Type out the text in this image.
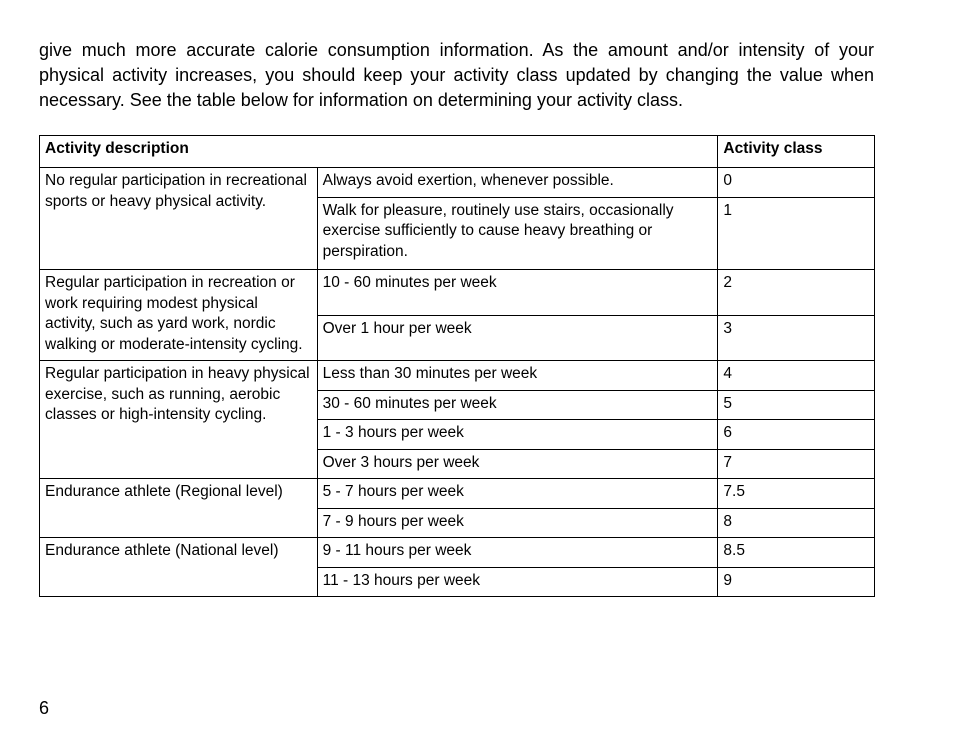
give much more accurate calorie consumption information. As the amount and/or intensity of your physical activity increases, you should keep your activity class updated by changing the value when necessary. See the table below for information on determining your activity class.

Activity description		Activity class
No regular participation in recreational sports or heavy physical activity.	Always avoid exertion, whenever possible.	0
	Walk for pleasure, routinely use stairs, occasionally exercise sufficiently to cause heavy breathing or perspiration.	1
Regular participation in recreation or work requiring modest physical activity, such as yard work, nordic walking or moderate-intensity cycling.	10 - 60 minutes per week	2
	Over 1 hour per week	3
Regular participation in heavy physical exercise, such as running, aerobic classes or high-intensity cycling.	Less than 30 minutes per week	4
	30 - 60 minutes per week	5
	1 - 3 hours per week	6
	Over 3 hours per week	7
Endurance athlete (Regional level)	5 - 7 hours per week	7.5
	7 - 9 hours per week	8
Endurance athlete (National level)	9 - 11 hours per week	8.5
	11 - 13 hours per week	9

6
